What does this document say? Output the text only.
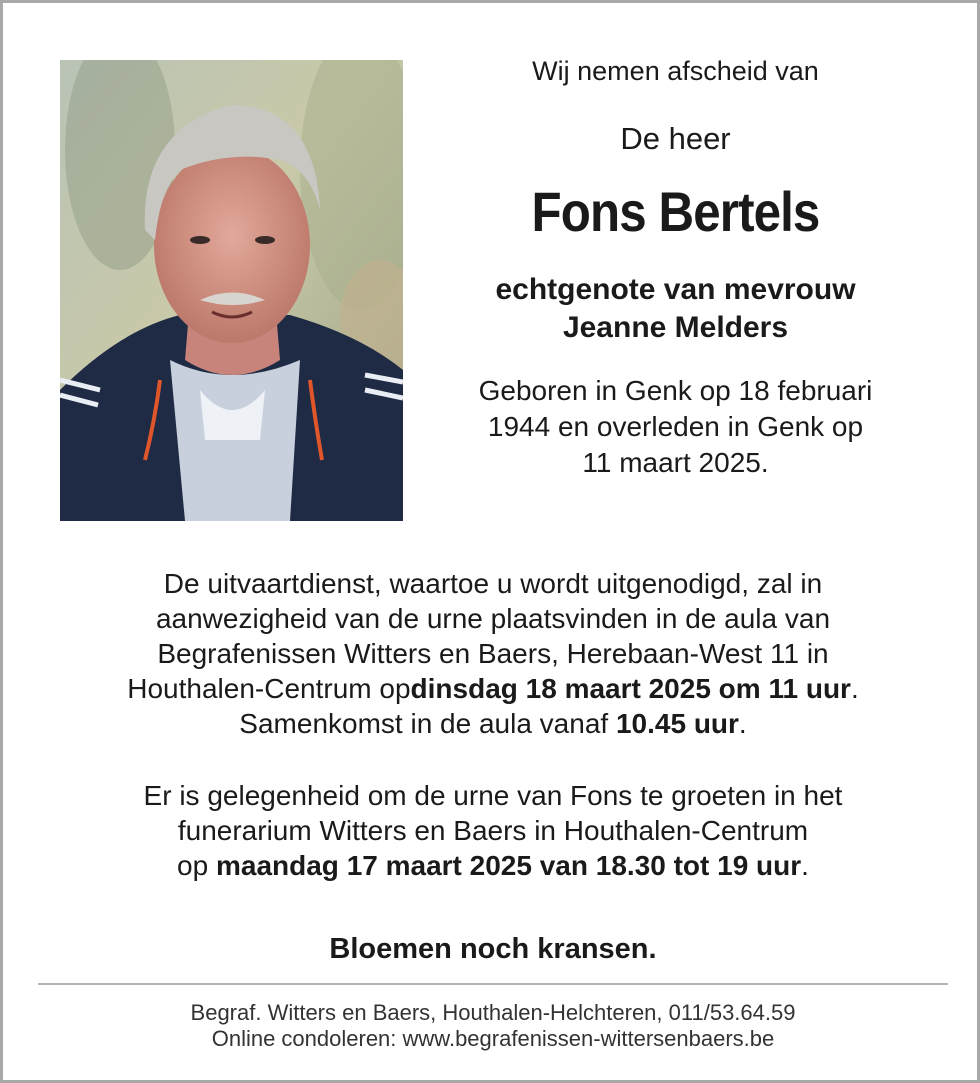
Wij nemen afscheid van
De heer
Fons Bertels
echtgenote van mevrouw
Jeanne Melders
Geboren in Genk op 18 februari
1944 en overleden in Genk op
11 maart 2025.
De uitvaartdienst, waartoe u wordt uitgenodigd, zal in
aanwezigheid van de urne plaatsvinden in de aula van
Begrafenissen Witters en Baers, Herebaan-West 11 in
Houthalen-Centrum opdinsdag 18 maart 2025 om 11 uur.
Samenkomst in de aula vanaf 10.45 uur.
Er is gelegenheid om de urne van Fons te groeten in het
funerarium Witters en Baers in Houthalen-Centrum
op maandag 17 maart 2025 van 18.30 tot 19 uur.
Bloemen noch kransen.
Begraf. Witters en Baers, Houthalen-Helchteren, 011/53.64.59
Online condoleren: www.begrafenissen-wittersenbaers.be
